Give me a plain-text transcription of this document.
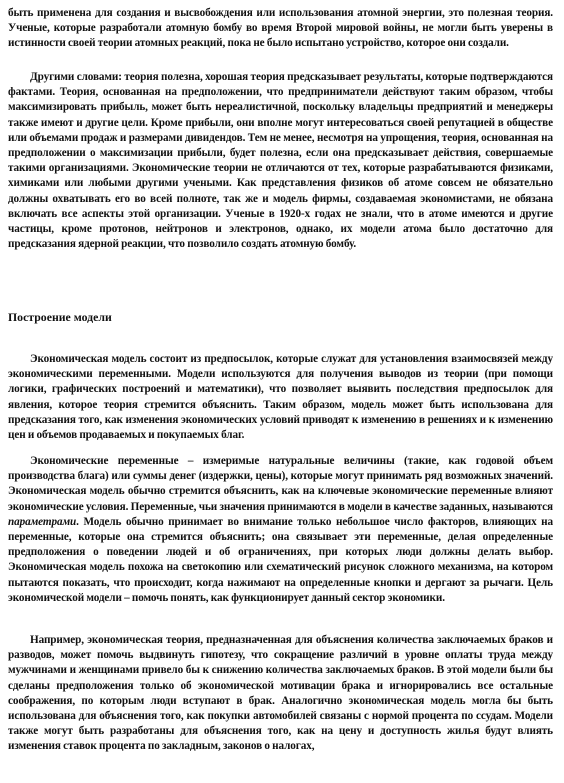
быть применена для создания и высвобождения или использования атомной энергии, это полезная теория. Ученые, которые разработали атомную бомбу во время Второй мировой войны, не могли быть уверены в истинности своей теории атомных реакций, пока не было испытано устройство, которое они создали.

Другими словами: теория полезна, хорошая теория предсказывает результаты, которые подтверждаются фактами. Теория, основанная на предположении, что предприниматели действуют таким образом, чтобы максимизировать прибыль, может быть нереалистичной, поскольку владельцы предприятий и менеджеры также имеют и другие цели. Кроме прибыли, они вполне могут интересоваться своей репутацией в обществе или объемами продаж и размерами дивидендов. Тем не менее, несмотря на упрощения, теория, основанная на предположении о максимизации прибыли, будет полезна, если она предсказывает действия, совершаемые такими организациями. Экономические теории не отличаются от тех, которые разрабатываются физиками, химиками или любыми другими учеными. Как представления физиков об атоме совсем не обязательно должны охватывать его во всей полноте, так же и модель фирмы, создаваемая экономистами, не обязана включать все аспекты этой организации. Ученые в 1920-х годах не знали, что в атоме имеются и другие частицы, кроме протонов, нейтронов и электронов, однако, их модели атома было достаточно для предсказания ядерной реакции, что позволило создать атомную бомбу.

Построение модели

Экономическая модель состоит из предпосылок, которые служат для установления взаимосвязей между экономическими переменными. Модели используются для получения выводов из теории (при помощи логики, графических построений и математики), что позволяет выявить последствия предпосылок для явления, которое теория стремится объяснить. Таким образом, модель может быть использована для предсказания того, как изменения экономических условий приводят к изменению в решениях и к изменению цен и объемов продаваемых и покупаемых благ.

Экономические переменные – измеримые натуральные величины (такие, как годовой объем производства блага) или суммы денег (издержки, цены), которые могут принимать ряд возможных значений. Экономическая модель обычно стремится объяснить, как на ключевые экономические переменные влияют экономические условия. Переменные, чьи значения принимаются в модели в качестве заданных, называются параметрами. Модель обычно принимает во внимание только небольшое число факторов, влияющих на переменные, которые она стремится объяснить; она связывает эти переменные, делая определенные предположения о поведении людей и об ограничениях, при которых люди должны делать выбор. Экономическая модель похожа на светокопию или схематический рисунок сложного механизма, на котором пытаются показать, что происходит, когда нажимают на определенные кнопки и дергают за рычаги. Цель экономической модели – помочь понять, как функционирует данный сектор экономики.

Например, экономическая теория, предназначенная для объяснения количества заключаемых браков и разводов, может помочь выдвинуть гипотезу, что сокращение различий в уровне оплаты труда между мужчинами и женщинами привело бы к снижению количества заключаемых браков. В этой модели были бы сделаны предположения только об экономической мотивации брака и игнорировались все остальные соображения, по которым люди вступают в брак. Аналогично экономическая модель могла бы быть использована для объяснения того, как покупки автомобилей связаны с нормой процента по ссудам. Модели также могут быть разработаны для объяснения того, как на цену и доступность жилья будут влиять изменения ставок процента по закладным, законов о налогах,
